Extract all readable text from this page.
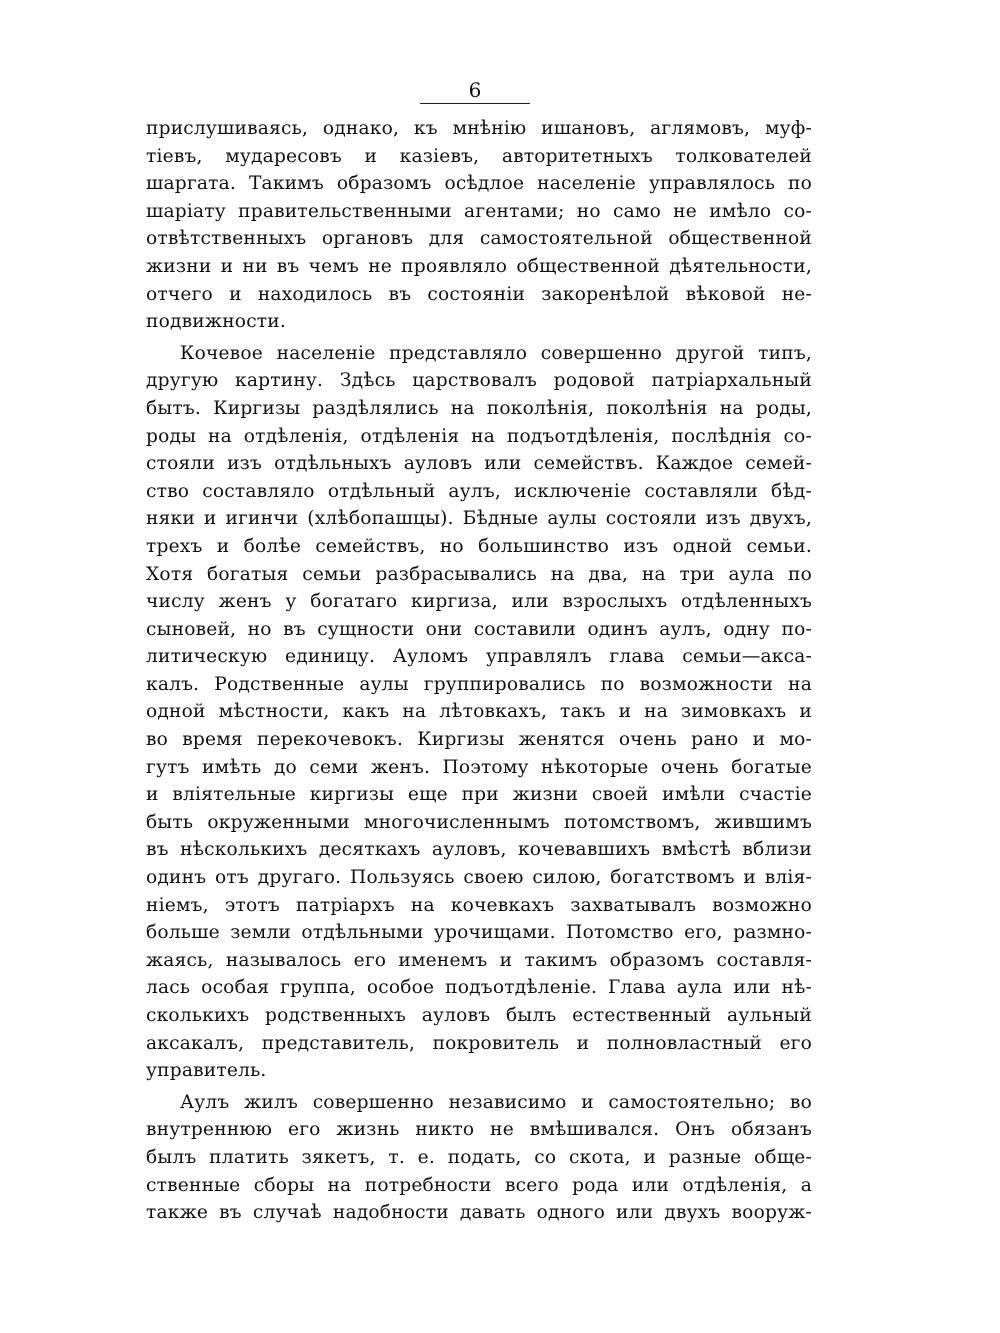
6
прислушиваясь, однако, къ мнѣнію ишановъ, аглямовъ, муф-
тіевъ, мударесовъ и казіевъ, авторитетныхъ толкователей
шаргата. Такимъ образомъ осѣдлое населеніе управлялось по
шаріату правительственными агентами; но само не имѣло со-
отвѣтственныхъ органовъ для самостоятельной общественной
жизни и ни въ чемъ не проявляло общественной дѣятельности,
отчего и находилось въ состояніи закоренѣлой вѣковой не-
подвижности.
Кочевое населеніе представляло совершенно другой типъ,
другую картину. Здѣсь царствовалъ родовой патріархальный
бытъ. Киргизы раздѣлялись на поколѣнія, поколѣнія на роды,
роды на отдѣленія, отдѣленія на подъотдѣленія, послѣднія со-
стояли изъ отдѣльныхъ ауловъ или семействъ. Каждое семей-
ство составляло отдѣльный аулъ, исключеніе составляли бѣд-
няки и игинчи (хлѣбопашцы). Бѣдные аулы состояли изъ двухъ,
трехъ и болѣе семействъ, но большинство изъ одной семьи.
Хотя богатыя семьи разбрасывались на два, на три аула по
числу женъ у богатаго киргиза, или взрослыхъ отдѣленныхъ
сыновей, но въ сущности они составили одинъ аулъ, одну по-
литическую единицу. Ауломъ управлялъ глава семьи—акса-
калъ. Родственные аулы группировались по возможности на
одной мѣстности, какъ на лѣтовкахъ, такъ и на зимовкахъ и
во время перекочевокъ. Киргизы женятся очень рано и мо-
гутъ имѣть до семи женъ. Поэтому нѣкоторые очень богатые
и вліятельные киргизы еще при жизни своей имѣли счастіе
быть окруженными многочисленнымъ потомствомъ, жившимъ
въ нѣсколькихъ десяткахъ ауловъ, кочевавшихъ вмѣстѣ вблизи
одинъ отъ другаго. Пользуясь своею силою, богатствомъ и влія-
ніемъ, этотъ патріархъ на кочевкахъ захватывалъ возможно
больше земли отдѣльными урочищами. Потомство его, размно-
жаясь, называлось его именемъ и такимъ образомъ составля-
лась особая группа, особое подъотдѣленіе. Глава аула или нѣ-
сколькихъ родственныхъ ауловъ былъ естественный аульный
аксакалъ, представитель, покровитель и полновластный его
управитель.
Аулъ жилъ совершенно независимо и самостоятельно; во
внутреннюю его жизнь никто не вмѣшивался. Онъ обязанъ
былъ платить зякетъ, т. е. подать, со скота, и разные обще-
ственные сборы на потребности всего рода или отдѣленія, а
также въ случаѣ надобности давать одного или двухъ вооруж-
